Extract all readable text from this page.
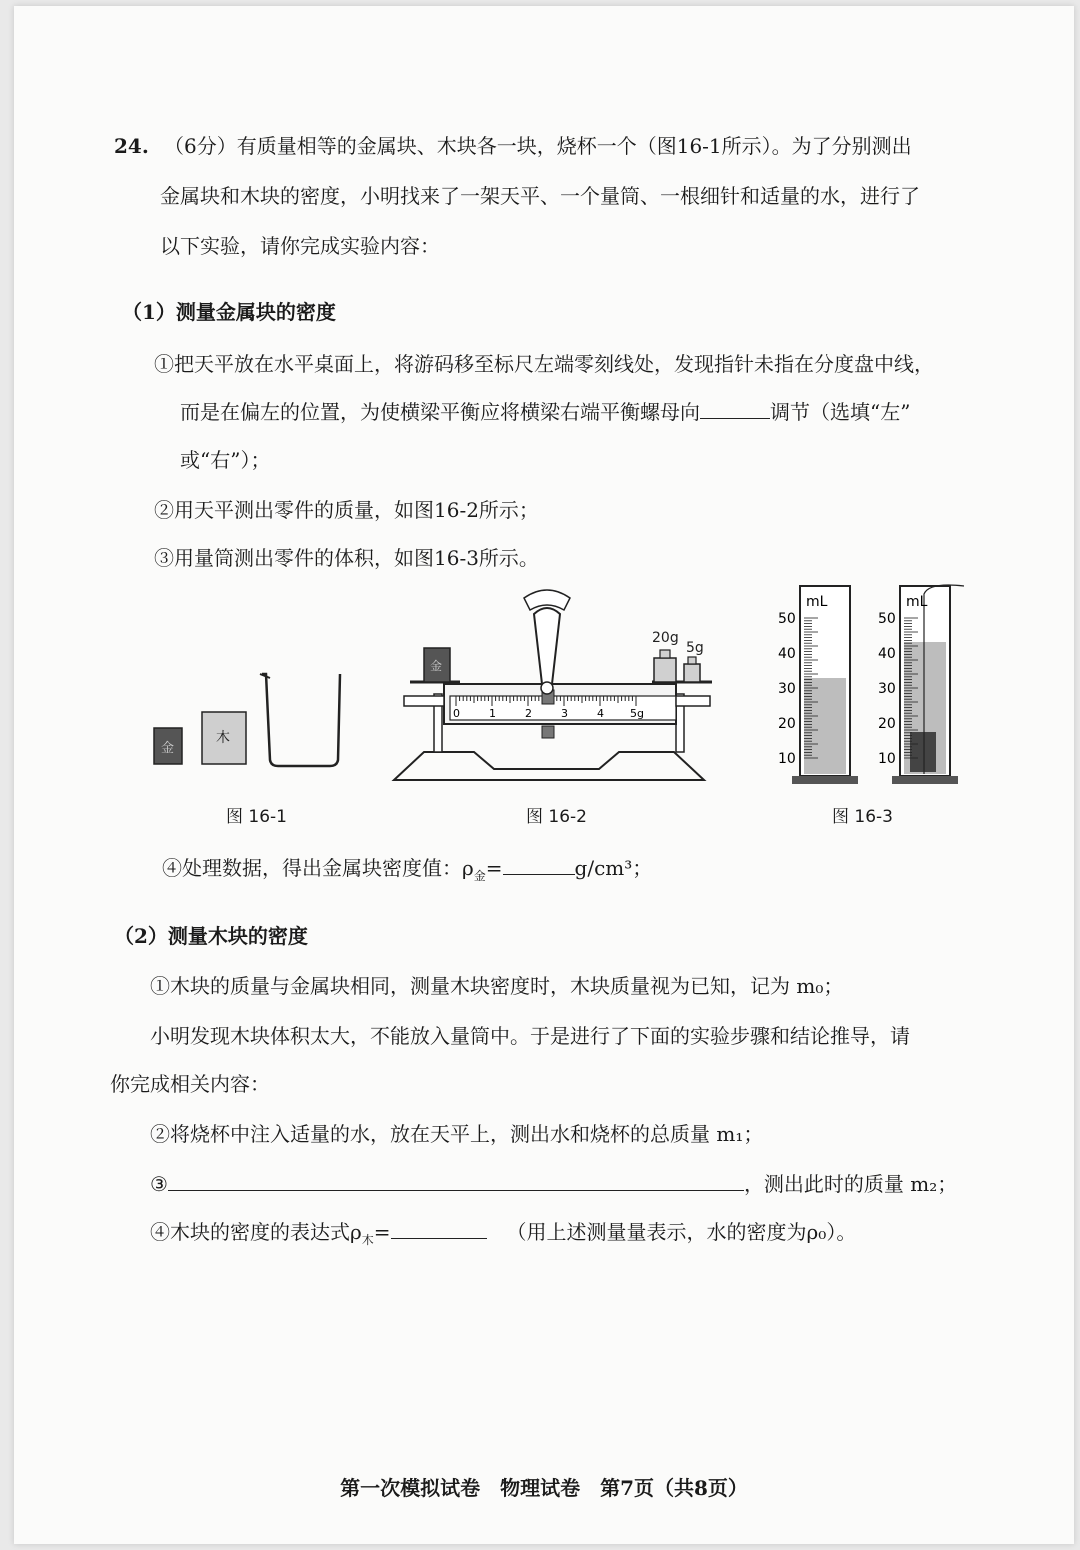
24. （6分）有质量相等的金属块、木块各一块，烧杯一个（图16-1所示）。为了分别测出
金属块和木块的密度，小明找来了一架天平、一个量筒、一根细针和适量的水，进行了
以下实验，请你完成实验内容：
（1）测量金属块的密度
①把天平放在水平桌面上，将游码移至标尺左端零刻线处，发现指针未指在分度盘中线，
而是在偏左的位置，为使横梁平衡应将横梁右端平衡螺母向	调节（选填“左”
或“右”）；
②用天平测出零件的质量，如图16-2所示；
③用量筒测出零件的体积，如图16-3所示。
金
木
图 16-1
金
20g
5g
0	1	2	3	4 5g
图 16-2
mL
50
40
30
20
10
mL
50
40
30
20
10
图 16-3
④处理数据，得出金属块密度值：$\rho_金=$	g/cm³；
（2）测量木块的密度
①木块的质量与金属块相同，测量木块密度时，木块质量视为已知，记为 m₀；
小明发现木块体积太大，不能放入量筒中。于是进行了下面的实验步骤和结论推导，请
你完成相关内容：
②将烧杯中注入适量的水，放在天平上，测出水和烧杯的总质量 m₁；
③	，测出此时的质量 m₂；
④木块的密度的表达式$\rho_木=$	（用上述测量量表示，水的密度为ρ₀）。
第一次模拟试卷　物理试卷　第7页（共8页）
